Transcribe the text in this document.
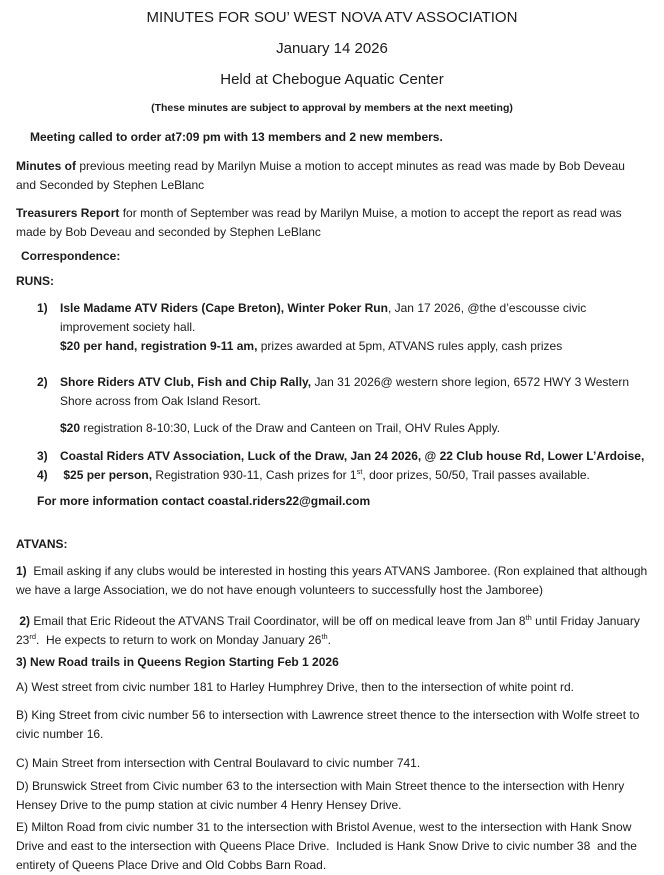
MINUTES FOR SOU’ WEST NOVA ATV ASSOCIATION
January 14 2026
Held at Chebogue Aquatic Center
(These minutes are subject to approval by members at the next meeting)

Meeting called to order at7:09 pm with 13 members and 2 new members.

Minutes of previous meeting read by Marilyn Muise a motion to accept minutes as read was made by Bob Deveau and Seconded by Stephen LeBlanc

Treasurers Report for month of September was read by Marilyn Muise, a motion to accept the report as read was made by Bob Deveau and seconded by Stephen LeBlanc

Correspondence:

RUNS:

1)	Isle Madame ATV Riders (Cape Breton), Winter Poker Run, Jan 17 2026, @the d’escousse civic improvement society hall.
$20 per hand, registration 9-11 am, prizes awarded at 5pm, ATVANS rules apply, cash prizes
2)	Shore Riders ATV Club, Fish and Chip Rally, Jan 31 2026@ western shore legion, 6572 HWY 3 Western Shore across from Oak Island Resort.
$20 registration 8-10:30, Luck of the Draw and Canteen on Trail, OHV Rules Apply.
3)	Coastal Riders ATV Association, Luck of the Draw, Jan 24 2026, @ 22 Club house Rd, Lower L’Ardoise,
4)	$25 per person, Registration 930-11, Cash prizes for 1st, door prizes, 50/50, Trail passes available.

For more information contact coastal.riders22@gmail.com

ATVANS:

1)  Email asking if any clubs would be interested in hosting this years ATVANS Jamboree. (Ron explained that although we have a large Association, we do not have enough volunteers to successfully host the Jamboree)

2) Email that Eric Rideout the ATVANS Trail Coordinator, will be off on medical leave from Jan 8th until Friday January 23rd.  He expects to return to work on Monday January 26th.

3) New Road trails in Queens Region Starting Feb 1 2026

A) West street from civic number 181 to Harley Humphrey Drive, then to the intersection of white point rd.

B) King Street from civic number 56 to intersection with Lawrence street thence to the intersection with Wolfe street to civic number 16.

C) Main Street from intersection with Central Boulavard to civic number 741.

D) Brunswick Street from Civic number 63 to the intersection with Main Street thence to the intersection with Henry Hensey Drive to the pump station at civic number 4 Henry Hensey Drive.

E) Milton Road from civic number 31 to the intersection with Bristol Avenue, west to the intersection with Hank Snow Drive and east to the intersection with Queens Place Drive.  Included is Hank Snow Drive to civic number 38  and the entirety of Queens Place Drive and Old Cobbs Barn Road.
